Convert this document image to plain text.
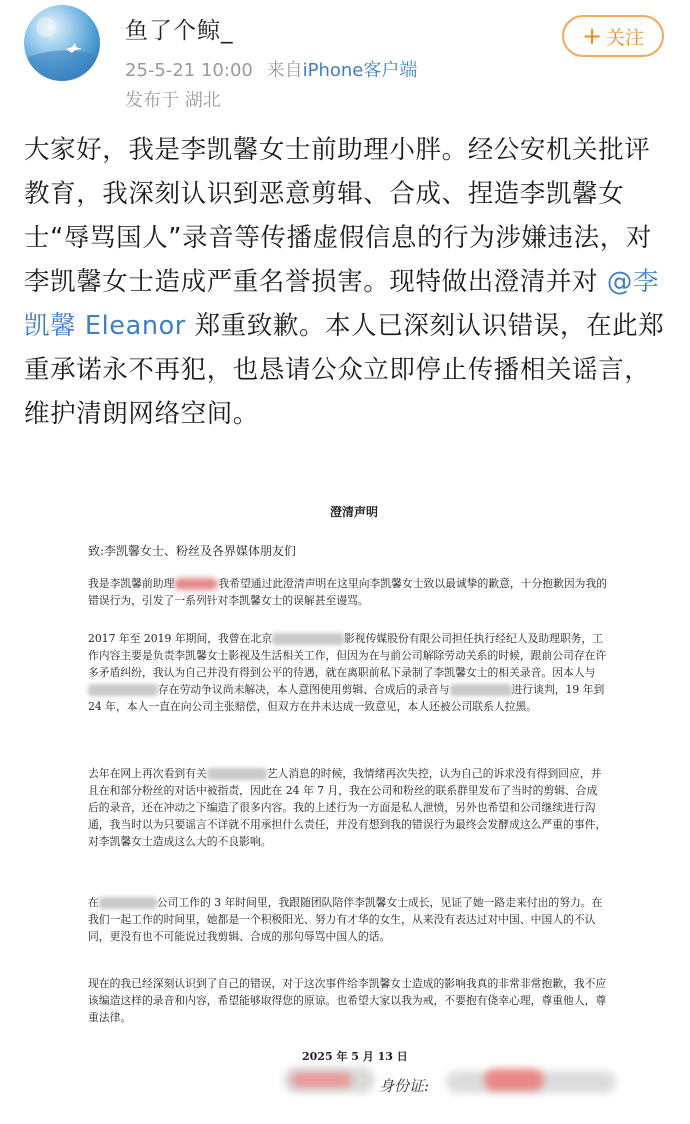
鱼了个鲸_
25-5-21 10:00 来自iPhone客户端
发布于 湖北
+ 关注
大家好，我是李凯馨女士前助理小胖。经公安机关批评教育，我深刻认识到恶意剪辑、合成、捏造李凯馨女士“辱骂国人”录音等传播虚假信息的行为涉嫌违法，对李凯馨女士造成严重名誉损害。现特做出澄清并对 @李凯馨 Eleanor 郑重致歉。本人已深刻认识错误，在此郑重承诺永不再犯，也恳请公众立即停止传播相关谣言，维护清朗网络空间。
澄清声明
致:李凯馨女士、粉丝及各界媒体朋友们
我是李凯馨前助理	我希望通过此澄清声明在这里向李凯馨女士致以最诚挚的歉意，十分抱歉因为我的错误行为，引发了一系列针对李凯馨女士的误解甚至谩骂。
2017 年至 2019 年期间，我曾在北京	影视传媒股份有限公司担任执行经纪人及助理职务，工作内容主要是负责李凯馨女士影视及生活相关工作，但因为在与前公司解除劳动关系的时候，跟前公司存在许多矛盾纠纷，我认为自己并没有得到公平的待遇，就在离职前私下录制了李凯馨女士的相关录音。因本人与存在劳动争议尚未解决，本人意图使用剪辑、合成后的录音与	进行谈判，19 年到 24 年，本人一直在向公司主张赔偿，但双方在并未达成一致意见，本人还被公司联系人拉黑。
去年在网上再次看到有关	艺人消息的时候，我情绪再次失控，认为自己的诉求没有得到回应，并且在和部分粉丝的对话中被指责，因此在 24 年 7 月，我在公司和粉丝的联系群里发布了当时的剪辑、合成后的录音，还在冲动之下编造了很多内容。我的上述行为一方面是私人泄愤，另外也希望和公司继续进行沟通，我当时以为只要谣言不详就不用承担什么责任，并没有想到我的错误行为最终会发酵成这么严重的事件，对李凯馨女士造成这么大的不良影响。
在	公司工作的 3 年时间里，我跟随团队陪伴李凯馨女士成长，见证了她一路走来付出的努力。在我们一起工作的时间里，她都是一个积极阳光、努力有才华的女生，从来没有表达过对中国、中国人的不认同，更没有也不可能说过我剪辑、合成的那句辱骂中国人的话。
现在的我已经深刻认识到了自己的错误，对于这次事件给李凯馨女士造成的影响我真的非常非常抱歉，我不应该编造这样的录音和内容，希望能够取得您的原谅。也希望大家以我为戒，不要抱有侥幸心理，尊重他人，尊重法律。
2025 年 5 月 13 日
身份证:
